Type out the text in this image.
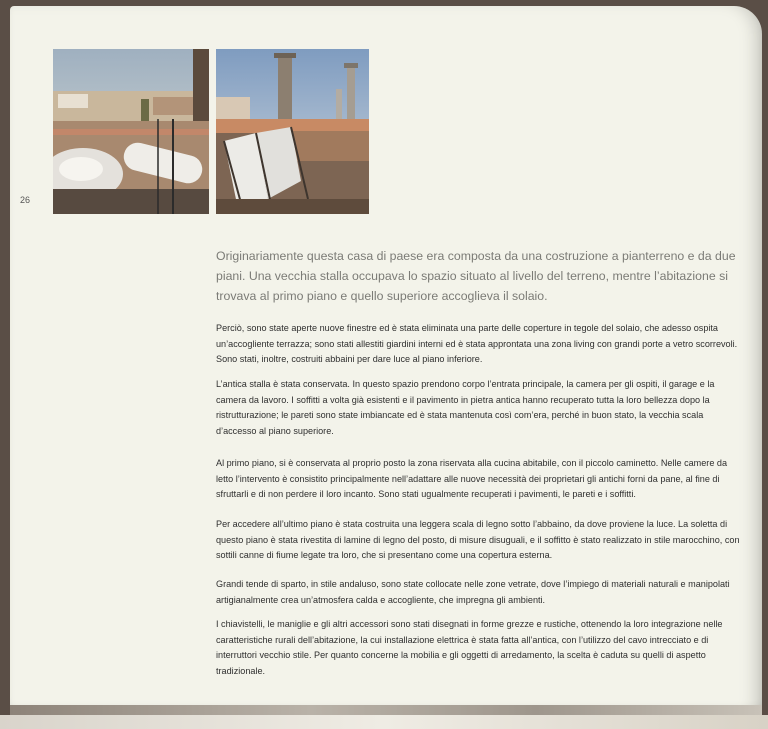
26

Originariamente questa casa di paese era composta da una costruzione a pianterreno e da due piani. Una vecchia stalla occupava lo spazio situato al livello del terreno, mentre l’abitazione si trovava al primo piano e quello superiore accoglieva il solaio.

Perciò, sono state aperte nuove finestre ed è stata eliminata una parte delle coperture in tegole del solaio, che adesso ospita un’accogliente terrazza; sono stati allestiti giardini interni ed è stata approntata una zona living con grandi porte a vetro scorrevoli. Sono stati, inoltre, costruiti abbaini per dare luce al piano inferiore.

L’antica stalla è stata conservata. In questo spazio prendono corpo l’entrata principale, la camera per gli ospiti, il garage e la camera da lavoro. I soffitti a volta già esistenti e il pavimento in pietra antica hanno recuperato tutta la loro bellezza dopo la ristrutturazione; le pareti sono state imbiancate ed è stata mantenuta così com’era, perché in buon stato, la vecchia scala d’accesso al piano superiore.

Al primo piano, si è conservata al proprio posto la zona riservata alla cucina abitabile, con il piccolo caminetto. Nelle camere da letto l’intervento è consistito principalmente nell’adattare alle nuove necessità dei proprietari gli antichi forni da pane, al fine di sfruttarli e di non perdere il loro incanto. Sono stati ugualmente recuperati i pavimenti, le pareti e i soffitti.

Per accedere all’ultimo piano è stata costruita una leggera scala di legno sotto l’abbaino, da dove proviene la luce. La soletta di questo piano è stata rivestita di lamine di legno del posto, di misure disuguali, e il soffitto è stato realizzato in stile marocchino, con sottili canne di fiume legate tra loro, che si presentano come una copertura esterna.

Grandi tende di sparto, in stile andaluso, sono state collocate nelle zone vetrate, dove l’impiego di materiali naturali e manipolati artigianalmente crea un’atmosfera calda e accogliente, che impregna gli ambienti.

I chiavistelli, le maniglie e gli altri accessori sono stati disegnati in forme grezze e rustiche, ottenendo la loro integrazione nelle caratteristiche rurali dell’abitazione, la cui installazione elettrica è stata fatta all’antica, con l’utilizzo del cavo intrecciato e di interruttori vecchio stile. Per quanto concerne la mobilia e gli oggetti di arredamento, la scelta è caduta su quelli di aspetto tradizionale.
